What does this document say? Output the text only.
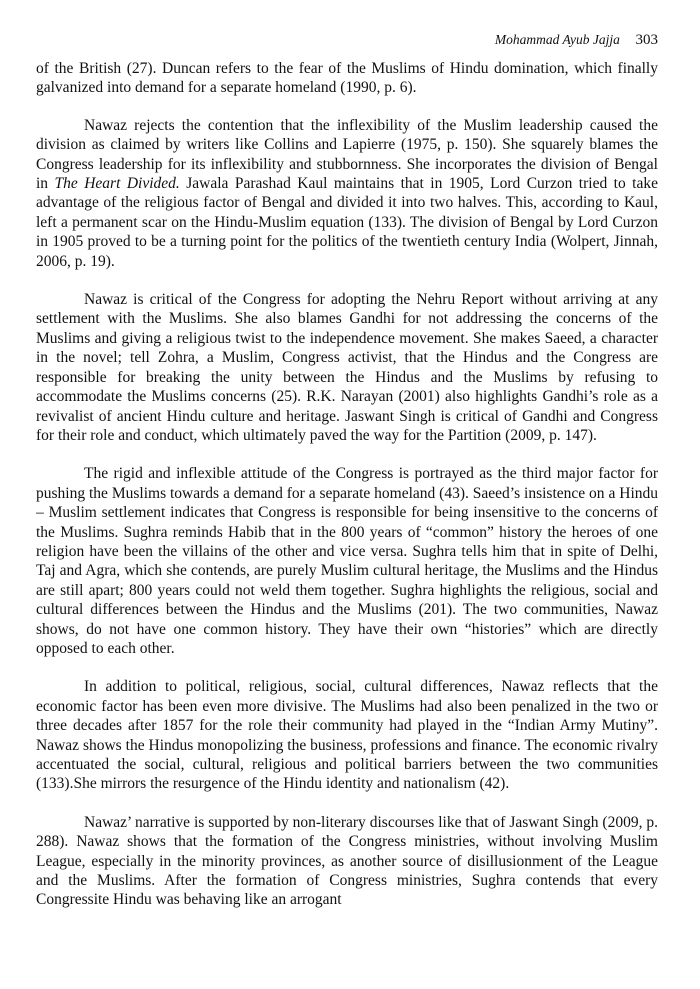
Mohammad Ayub Jajja 303

of the British (27). Duncan refers to the fear of the Muslims of Hindu domination, which finally galvanized into demand for a separate homeland (1990, p. 6).

Nawaz rejects the contention that the inflexibility of the Muslim leadership caused the division as claimed by writers like Collins and Lapierre (1975, p. 150). She squarely blames the Congress leadership for its inflexibility and stubbornness. She incorporates the division of Bengal in The Heart Divided. Jawala Parashad Kaul maintains that in 1905, Lord Curzon tried to take advantage of the religious factor of Bengal and divided it into two halves. This, according to Kaul, left a permanent scar on the Hindu-Muslim equation (133). The division of Bengal by Lord Curzon in 1905 proved to be a turning point for the politics of the twentieth century India (Wolpert, Jinnah, 2006, p. 19).

Nawaz is critical of the Congress for adopting the Nehru Report without arriving at any settlement with the Muslims. She also blames Gandhi for not addressing the concerns of the Muslims and giving a religious twist to the independence movement. She makes Saeed, a character in the novel; tell Zohra, a Muslim, Congress activist, that the Hindus and the Congress are responsible for breaking the unity between the Hindus and the Muslims by refusing to accommodate the Muslims concerns (25). R.K. Narayan (2001) also highlights Gandhi’s role as a revivalist of ancient Hindu culture and heritage. Jaswant Singh is critical of Gandhi and Congress for their role and conduct, which ultimately paved the way for the Partition (2009, p. 147).

The rigid and inflexible attitude of the Congress is portrayed as the third major factor for pushing the Muslims towards a demand for a separate homeland (43). Saeed’s insistence on a Hindu – Muslim settlement indicates that Congress is responsible for being insensitive to the concerns of the Muslims. Sughra reminds Habib that in the 800 years of “common” history the heroes of one religion have been the villains of the other and vice versa. Sughra tells him that in spite of Delhi, Taj and Agra, which she contends, are purely Muslim cultural heritage, the Muslims and the Hindus are still apart; 800 years could not weld them together. Sughra highlights the religious, social and cultural differences between the Hindus and the Muslims (201). The two communities, Nawaz shows, do not have one common history. They have their own “histories” which are directly opposed to each other.

In addition to political, religious, social, cultural differences, Nawaz reflects that the economic factor has been even more divisive. The Muslims had also been penalized in the two or three decades after 1857 for the role their community had played in the “Indian Army Mutiny”. Nawaz shows the Hindus monopolizing the business, professions and finance. The economic rivalry accentuated the social, cultural, religious and political barriers between the two communities (133).She mirrors the resurgence of the Hindu identity and nationalism (42).

Nawaz’ narrative is supported by non-literary discourses like that of Jaswant Singh (2009, p. 288). Nawaz shows that the formation of the Congress ministries, without involving Muslim League, especially in the minority provinces, as another source of disillusionment of the League and the Muslims. After the formation of Congress ministries, Sughra contends that every Congressite Hindu was behaving like an arrogant
